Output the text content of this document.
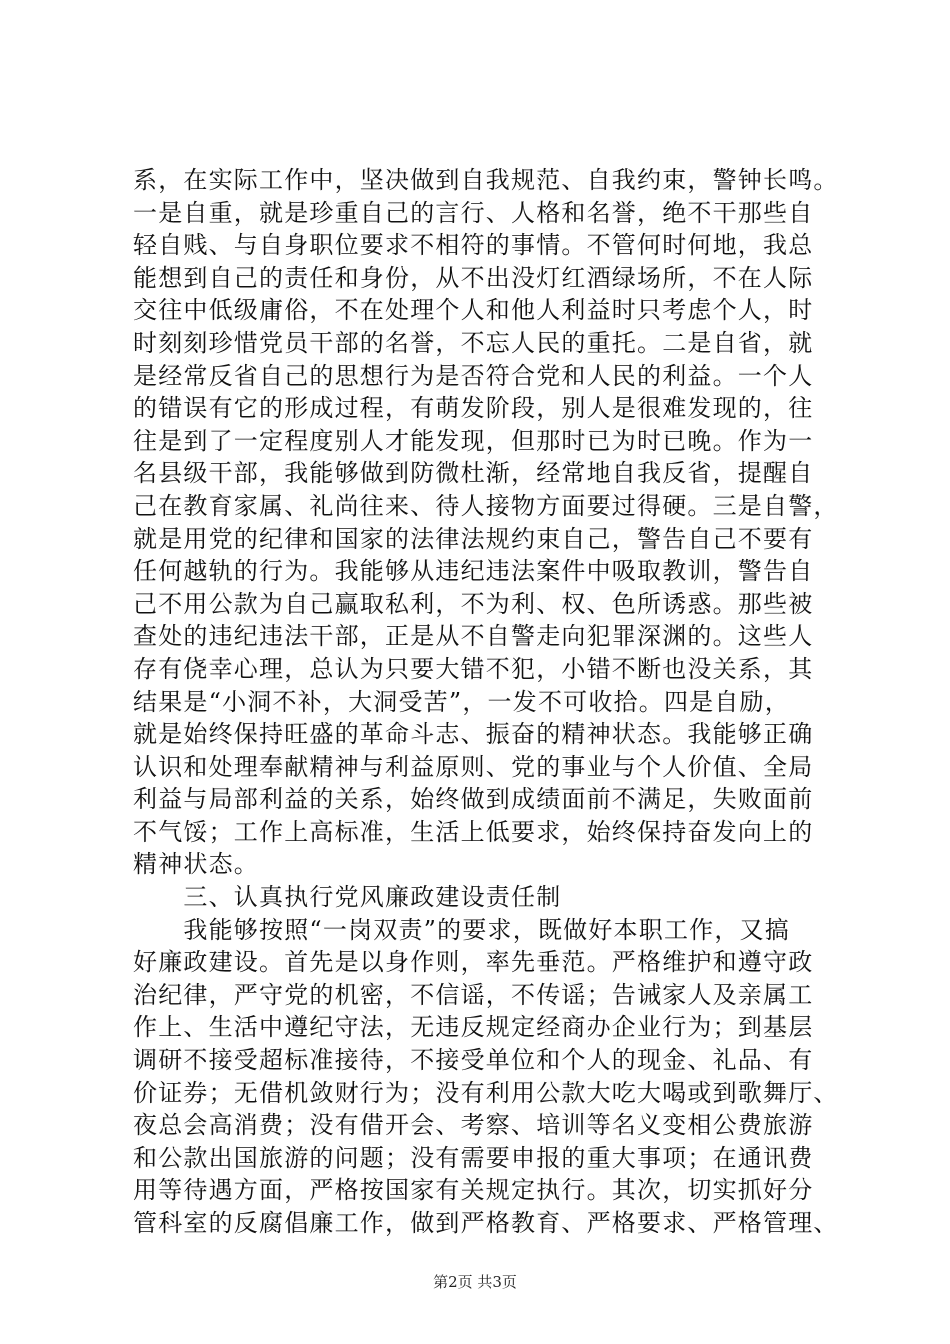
系，在实际工作中，坚决做到自我规范、自我约束，警钟长鸣。
一是自重，就是珍重自己的言行、人格和名誉，绝不干那些自
轻自贱、与自身职位要求不相符的事情。不管何时何地，我总
能想到自己的责任和身份，从不出没灯红酒绿场所，不在人际
交往中低级庸俗，不在处理个人和他人利益时只考虑个人，时
时刻刻珍惜党员干部的名誉，不忘人民的重托。二是自省，就
是经常反省自己的思想行为是否符合党和人民的利益。一个人
的错误有它的形成过程，有萌发阶段，别人是很难发现的，往
往是到了一定程度别人才能发现，但那时已为时已晚。作为一
名县级干部，我能够做到防微杜渐，经常地自我反省，提醒自
己在教育家属、礼尚往来、待人接物方面要过得硬。三是自警，
就是用党的纪律和国家的法律法规约束自己，警告自己不要有
任何越轨的行为。我能够从违纪违法案件中吸取教训，警告自
己不用公款为自己赢取私利，不为利、权、色所诱惑。那些被
查处的违纪违法干部，正是从不自警走向犯罪深渊的。这些人
存有侥幸心理，总认为只要大错不犯，小错不断也没关系，其
结果是“小洞不补，大洞受苦”，一发不可收拾。四是自励，
就是始终保持旺盛的革命斗志、振奋的精神状态。我能够正确
认识和处理奉献精神与利益原则、党的事业与个人价值、全局
利益与局部利益的关系，始终做到成绩面前不满足，失败面前
不气馁；工作上高标准，生活上低要求，始终保持奋发向上的
精神状态。
　　三、认真执行党风廉政建设责任制
　　我能够按照“一岗双责”的要求，既做好本职工作，又搞
好廉政建设。首先是以身作则，率先垂范。严格维护和遵守政
治纪律，严守党的机密，不信谣，不传谣；告诫家人及亲属工
作上、生活中遵纪守法，无违反规定经商办企业行为；到基层
调研不接受超标准接待，不接受单位和个人的现金、礼品、有
价证券；无借机敛财行为；没有利用公款大吃大喝或到歌舞厅、
夜总会高消费；没有借开会、考察、培训等名义变相公费旅游
和公款出国旅游的问题；没有需要申报的重大事项；在通讯费
用等待遇方面，严格按国家有关规定执行。其次，切实抓好分
管科室的反腐倡廉工作，做到严格教育、严格要求、严格管理、
第2页 共3页
